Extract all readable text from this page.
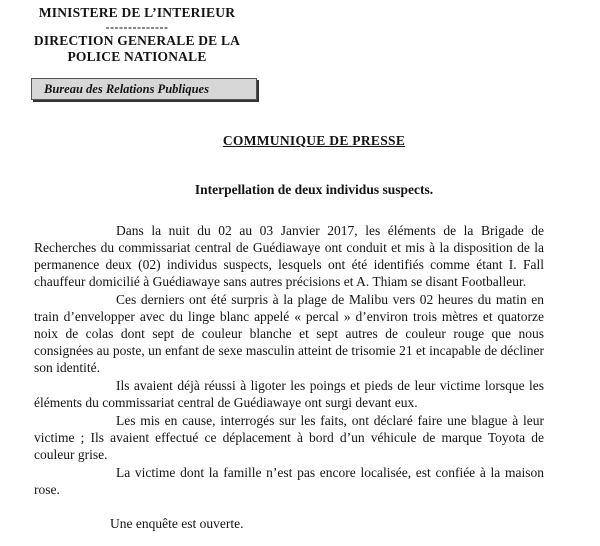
MINISTERE DE L’INTERIEUR
--------------
DIRECTION GENERALE DE LA
POLICE NATIONALE
Bureau des Relations Publiques
COMMUNIQUE DE PRESSE
Interpellation de deux individus suspects.

Dans la nuit du 02 au 03 Janvier 2017, les éléments de la Brigade de Recherches du commissariat central de Guédiawaye ont conduit et mis à la disposition de la permanence deux (02) individus suspects, lesquels ont été identifiés comme étant I. Fall chauffeur domicilié à Guédiawaye sans autres précisions et A. Thiam se disant Footballeur.

Ces derniers ont été surpris à la plage de Malibu vers 02 heures du matin en train d’envelopper avec du linge blanc appelé « percal » d’environ trois mètres et quatorze noix de colas dont sept de couleur blanche et sept autres de couleur rouge que nous consignées au poste, un enfant de sexe masculin atteint de trisomie 21 et incapable de décliner son identité.

Ils avaient déjà réussi à ligoter les poings et pieds de leur victime lorsque les éléments du commissariat central de Guédiawaye ont surgi devant eux.

Les mis en cause, interrogés sur les faits, ont déclaré faire une blague à leur victime ; Ils avaient effectué ce déplacement à bord d’un véhicule de marque Toyota de couleur grise.

La victime dont la famille n’est pas encore localisée, est confiée à la maison rose.

Une enquête est ouverte.
